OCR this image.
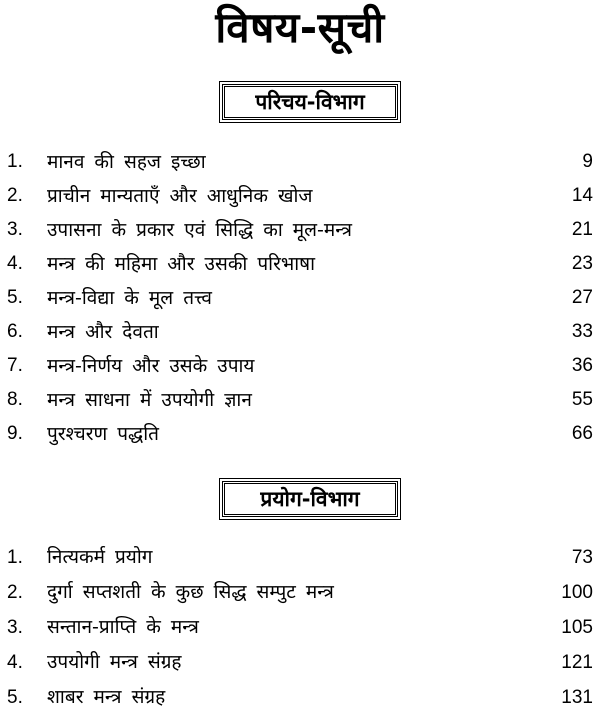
विषय-सूची
परिचय-विभाग
1. मानव की सहज इच्छा	9
2. प्राचीन मान्यताएँ और आधुनिक खोज	14
3. उपासना के प्रकार एवं सिद्धि का मूल-मन्त्र	21
4. मन्त्र की महिमा और उसकी परिभाषा	23
5. मन्त्र-विद्या के मूल तत्त्व	27
6. मन्त्र और देवता	33
7. मन्त्र-निर्णय और उसके उपाय	36
8. मन्त्र साधना में उपयोगी ज्ञान	55
9. पुरश्चरण पद्धति	66
प्रयोग-विभाग
1. नित्यकर्म प्रयोग	73
2. दुर्गा सप्तशती के कुछ सिद्ध सम्पुट मन्त्र	100
3. सन्तान-प्राप्ति के मन्त्र	105
4. उपयोगी मन्त्र संग्रह	121
5. शाबर मन्त्र संग्रह	131
